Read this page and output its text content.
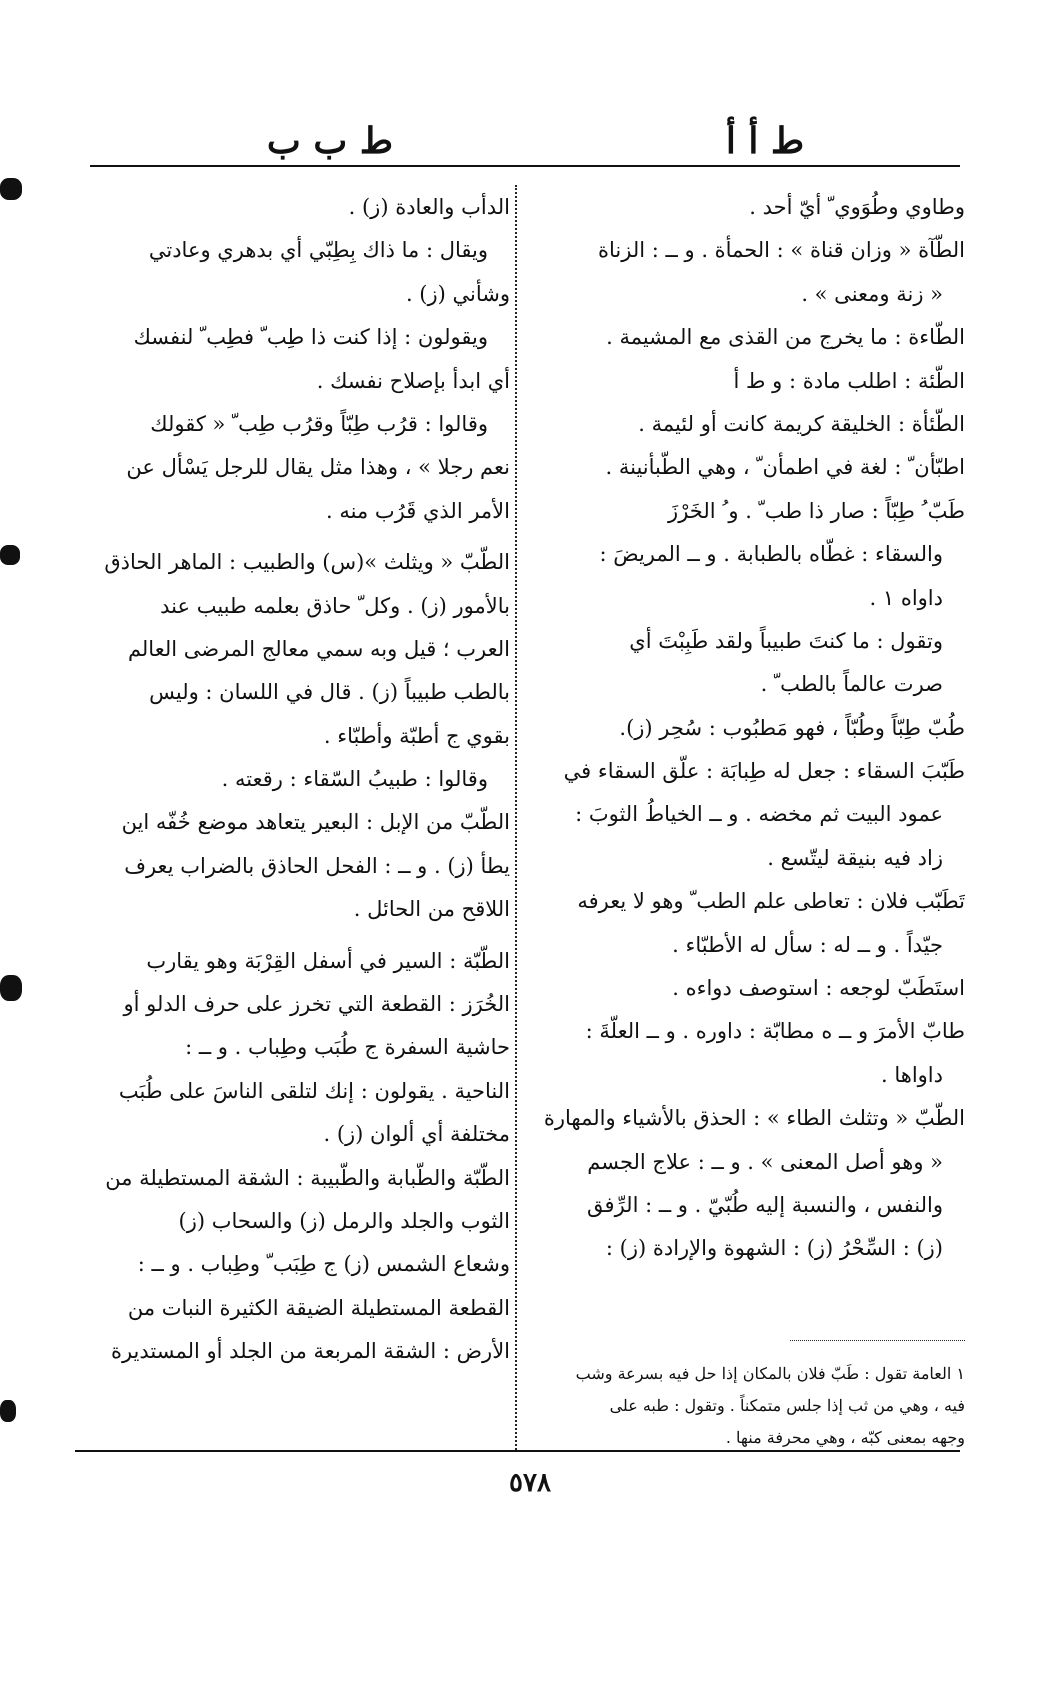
ط أ أ
ط ب ب
وطاوي وطُوَوي ّ أيّ أحد .
الطّآة « وزان قناة » : الحمأة . و ــ : الزناة
« زنة ومعنى » .
الطّاءة : ما يخرج من القذى مع المشيمة .
الطّئة : اطلب مادة : و ط أ
الطّئأة : الخليقة كريمة كانت أو لئيمة .
اطبّأن ّ : لغة في اطمأن ّ ، وهي الطّبأنينة .
طَبّ ُ طِبّاً : صار ذا طب ّ . و ُ الخَرْزَ
والسقاء : غطّاه بالطبابة . و ــ المريضَ :
داواه ١ .
وتقول : ما كنتَ طبيباً ولقد طَبِبْتَ أي
صرت عالماً بالطب ّ .
طُبّ طِبّاً وطُبّاً ، فهو مَطبُوب : سُحِر (ز).
طَبّبَ السقاء : جعل له طِبابَة : علّق السقاء في
عمود البيت ثم مخضه . و ــ الخياطُ الثوبَ :
زاد فيه بنيقة ليتّسع .
تَطَبّب فلان : تعاطى علم الطب ّ وهو لا يعرفه
جيّداً . و ــ له : سأل له الأطبّاء .
استَطَبّ لوجعه : استوصف دواءه .
طابّ الأمرَ و ــ ه مطابّة : داوره . و ــ العلّةَ :
داواها .
الطّبّ « وتثلث الطاء » : الحذق بالأشياء والمهارة
« وهو أصل المعنى » . و ــ : علاج الجسم
والنفس ، والنسبة إليه طُبّيّ . و ــ : الرِّفق
(ز) : السِّحْرُ (ز) : الشهوة والإرادة (ز) :
الدأب والعادة (ز) .
ويقال : ما ذاك بِطِبّي أي بدهري وعادتي
وشأني (ز) .
ويقولون : إذا كنت ذا طِب ّ فطِب ّ لنفسك
أي ابدأ بإصلاح نفسك .
وقالوا : قرُب طِبّاً وقرُب طِب ّ « كقولك
نعم رجلا » ، وهذا مثل يقال للرجل يَسْأل عن
الأمر الذي قَرُب منه .
الطّبّ « ويثلث »(س) والطبيب : الماهر الحاذق
بالأمور (ز) . وكل ّ حاذق بعلمه طبيب عند
العرب ؛ قيل وبه سمي معالج المرضى العالم
بالطب طبيباً (ز) . قال في اللسان : وليس
بقوي ج أطبّة وأطبّاء .
وقالوا : طبيبُ السّقاء : رقعته .
الطّبّ من الإبل : البعير يتعاهد موضع خُفّه اين
يطأ (ز) . و ــ : الفحل الحاذق بالضراب يعرف
اللاقح من الحائل .
الطّبّة : السير في أسفل القِرْبَة وهو يقارب
الخُرَز : القطعة التي تخرز على حرف الدلو أو
حاشية السفرة ج طُبَب وطِباب . و ــ :
الناحية . يقولون : إنك لتلقى الناسَ على طُبَب
مختلفة أي ألوان (ز) .
الطّبّة والطّبابة والطّبيبة : الشقة المستطيلة من
الثوب والجلد والرمل (ز) والسحاب (ز)
وشعاع الشمس (ز) ج طِبَب ّ وطِباب . و ــ :
القطعة المستطيلة الضيقة الكثيرة النبات من
الأرض : الشقة المربعة من الجلد أو المستديرة
١ العامة تقول : طَبّ فلان بالمكان إذا حل فيه بسرعة وشب
فيه ، وهي من ثب إذا جلس متمكناً . وتقول : طبه على
وجهه بمعنى كبّه ، وهي محرفة منها .
٥٧٨
